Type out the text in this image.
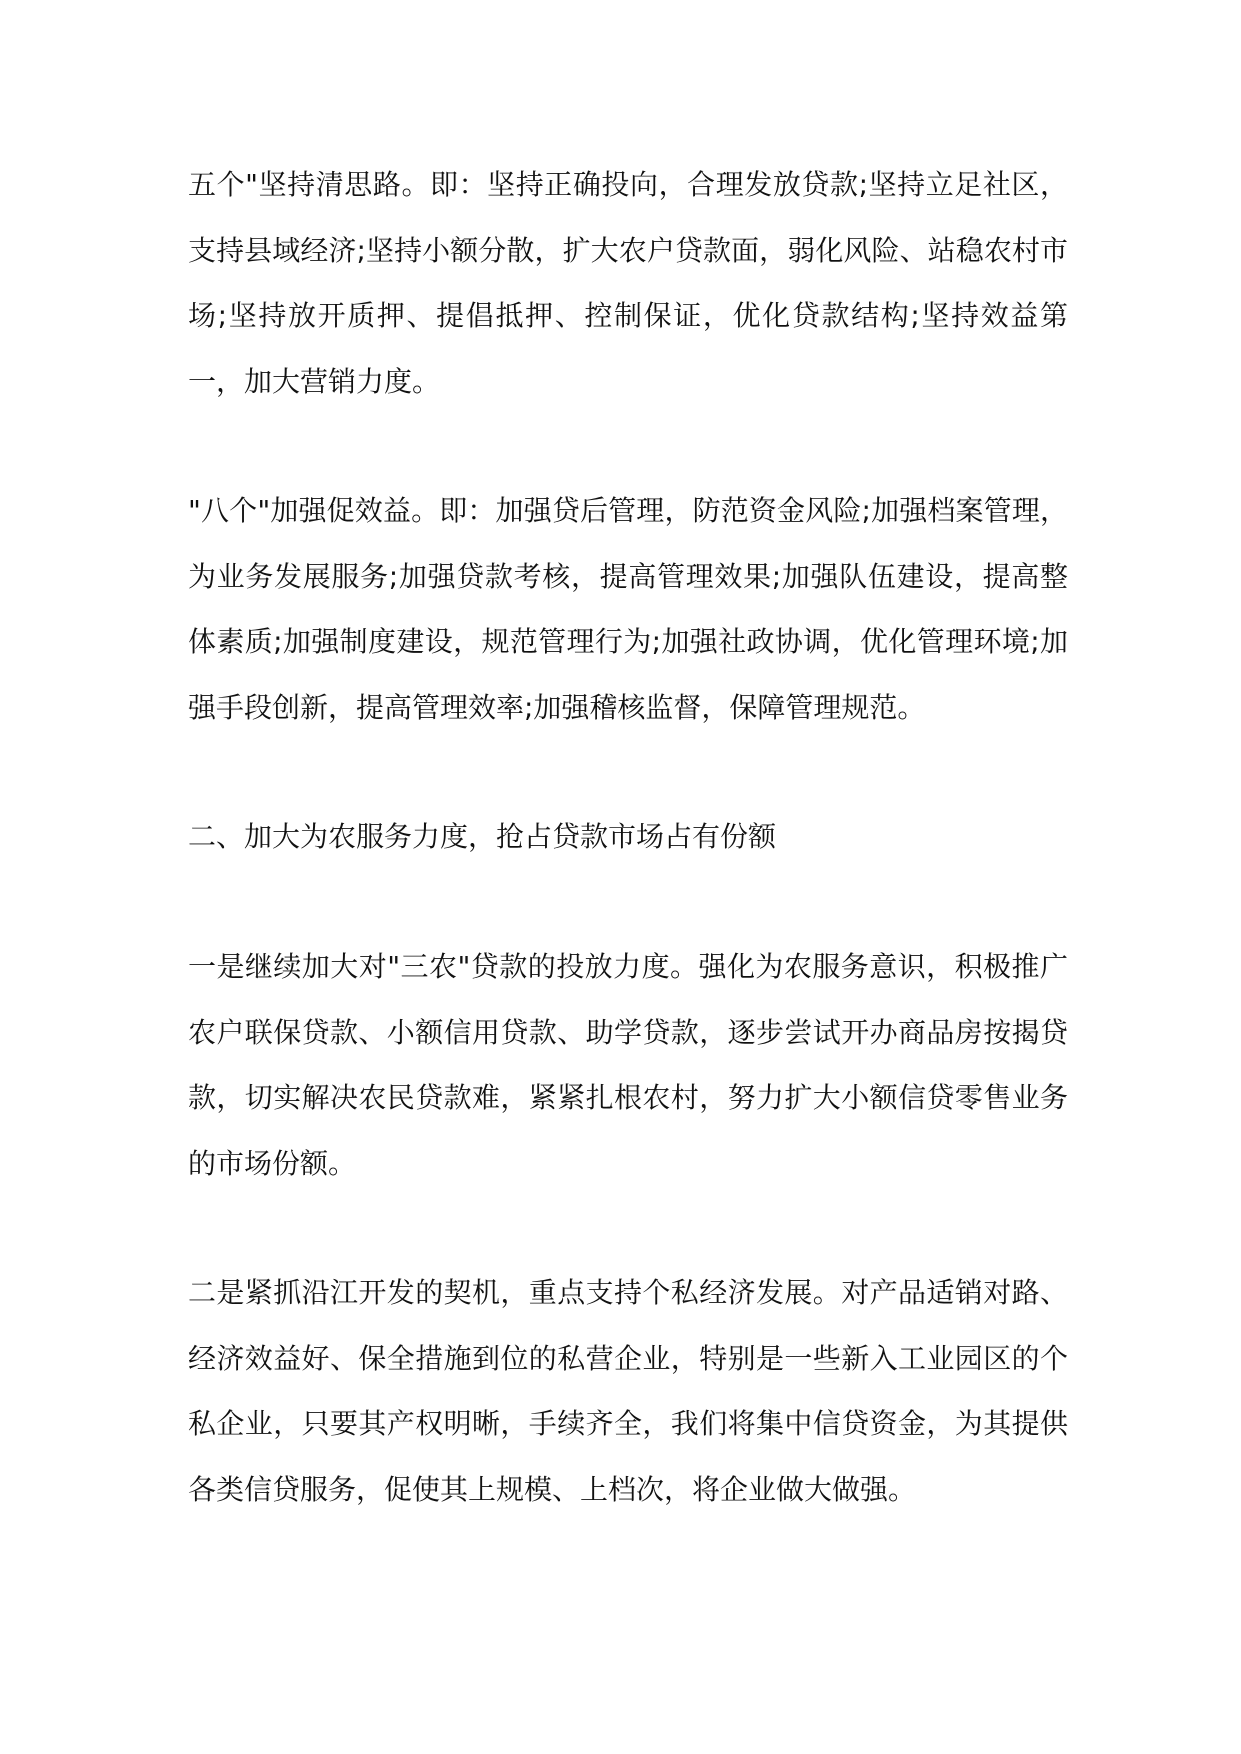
五个"坚持清思路。即：坚持正确投向，合理发放贷款;坚持立足社区，支持县域经济;坚持小额分散，扩大农户贷款面，弱化风险、站稳农村市场;坚持放开质押、提倡抵押、控制保证，优化贷款结构;坚持效益第一，加大营销力度。

"八个"加强促效益。即：加强贷后管理，防范资金风险;加强档案管理，为业务发展服务;加强贷款考核，提高管理效果;加强队伍建设，提高整体素质;加强制度建设，规范管理行为;加强社政协调，优化管理环境;加强手段创新，提高管理效率;加强稽核监督，保障管理规范。

二、加大为农服务力度，抢占贷款市场占有份额

一是继续加大对"三农"贷款的投放力度。强化为农服务意识，积极推广农户联保贷款、小额信用贷款、助学贷款，逐步尝试开办商品房按揭贷款，切实解决农民贷款难，紧紧扎根农村，努力扩大小额信贷零售业务的市场份额。

二是紧抓沿江开发的契机，重点支持个私经济发展。对产品适销对路、经济效益好、保全措施到位的私营企业，特别是一些新入工业园区的个私企业，只要其产权明晰，手续齐全，我们将集中信贷资金，为其提供各类信贷服务，促使其上规模、上档次，将企业做大做强。
